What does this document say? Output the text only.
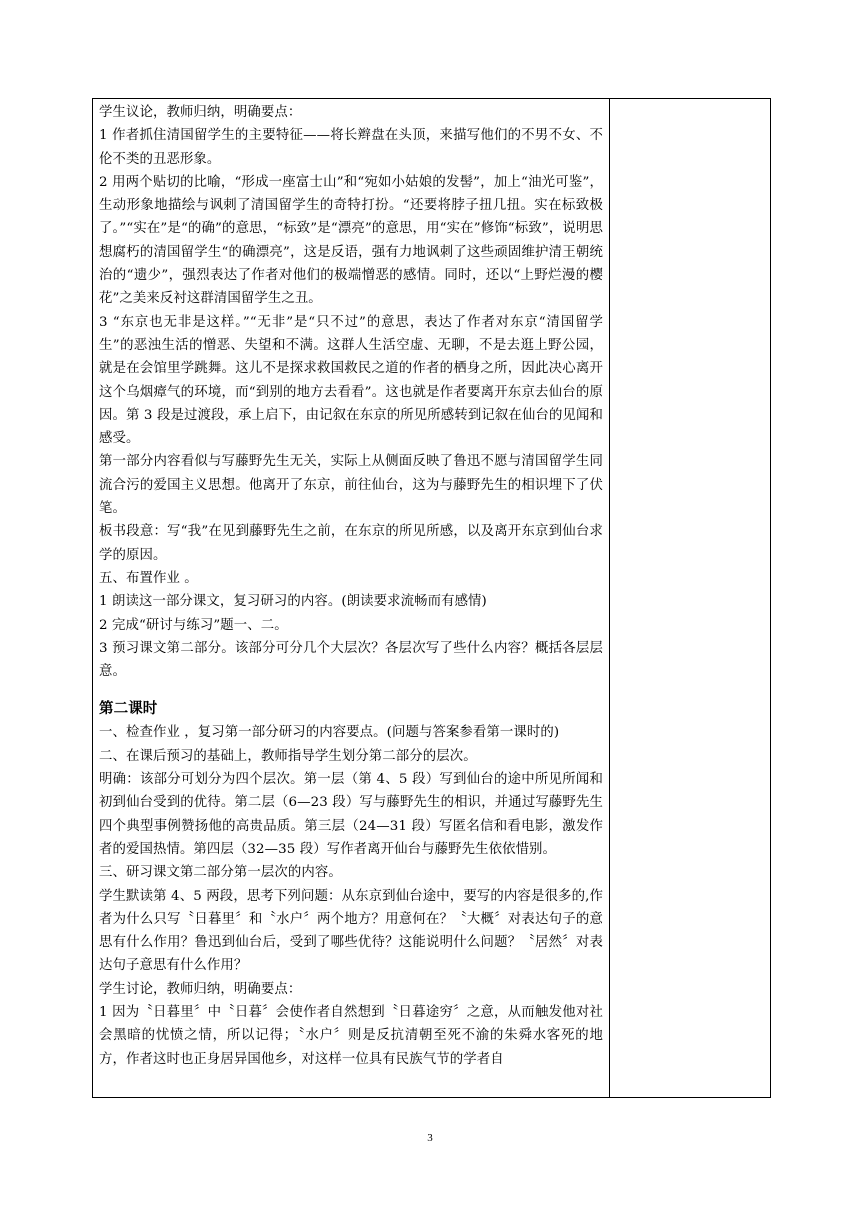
学生议论，教师归纳，明确要点：

1 作者抓住清国留学生的主要特征——将长辫盘在头顶，来描写他们的不男不女、不伦不类的丑恶形象。

2 用两个贴切的比喻，“形成一座富士山”和“宛如小姑娘的发髻”，加上“油光可鉴”，生动形象地描绘与讽刺了清国留学生的奇特打扮。“还要将脖子扭几扭。实在标致极了。”“实在”是“的确”的意思，“标致”是“漂亮”的意思，用“实在”修饰“标致”，说明思想腐朽的清国留学生“的确漂亮”，这是反语，强有力地讽刺了这些顽固维护清王朝统治的“遗少”，强烈表达了作者对他们的极端憎恶的感情。同时，还以“上野烂漫的樱花”之美来反衬这群清国留学生之丑。

3 “东京也无非是这样。”“无非”是“只不过”的意思，表达了作者对东京“清国留学生”的恶浊生活的憎恶、失望和不满。这群人生活空虚、无聊，不是去逛上野公园，就是在会馆里学跳舞。这儿不是探求救国救民之道的作者的栖身之所，因此决心离开这个乌烟瘴气的环境，而“到别的地方去看看”。这也就是作者要离开东京去仙台的原因。第 3 段是过渡段，承上启下，由记叙在东京的所见所感转到记叙在仙台的见闻和感受。

第一部分内容看似与写藤野先生无关，实际上从侧面反映了鲁迅不愿与清国留学生同流合污的爱国主义思想。他离开了东京，前往仙台，这为与藤野先生的相识埋下了伏笔。

板书段意：写“我”在见到藤野先生之前，在东京的所见所感，以及离开东京到仙台求学的原因。

五、布置作业 。

1 朗读这一部分课文，复习研习的内容。(朗读要求流畅而有感情)

2 完成“研讨与练习”题一、二。

3 预习课文第二部分。该部分可分几个大层次？各层次写了些什么内容？概括各层层意。

第二课时

一、检查作业 ，复习第一部分研习的内容要点。(问题与答案参看第一课时的)

二、在课后预习的基础上，教师指导学生划分第二部分的层次。

明确：该部分可划分为四个层次。第一层（第 4、5 段）写到仙台的途中所见所闻和初到仙台受到的优待。第二层（6—23 段）写与藤野先生的相识，并通过写藤野先生四个典型事例赞扬他的高贵品质。第三层（24—31 段）写匿名信和看电影，激发作者的爱国热情。第四层（32—35 段）写作者离开仙台与藤野先生依依惜别。

三、研习课文第二部分第一层次的内容。

学生默读第 4、5 两段，思考下列问题：从东京到仙台途中，要写的内容是很多的,作者为什么只写〝日暮里〞和〝水户〞两个地方？用意何在？〝大概〞对表达句子的意思有什么作用？鲁迅到仙台后，受到了哪些优待？这能说明什么问题？〝居然〞对表达句子意思有什么作用？

学生讨论，教师归纳，明确要点：

1 因为〝日暮里〞中〝日暮〞会使作者自然想到〝日暮途穷〞之意，从而触发他对社会黑暗的忧愤之情，所以记得；〝水户〞则是反抗清朝至死不渝的朱舜水客死的地方，作者这时也正身居异国他乡，对这样一位具有民族气节的学者自

3
